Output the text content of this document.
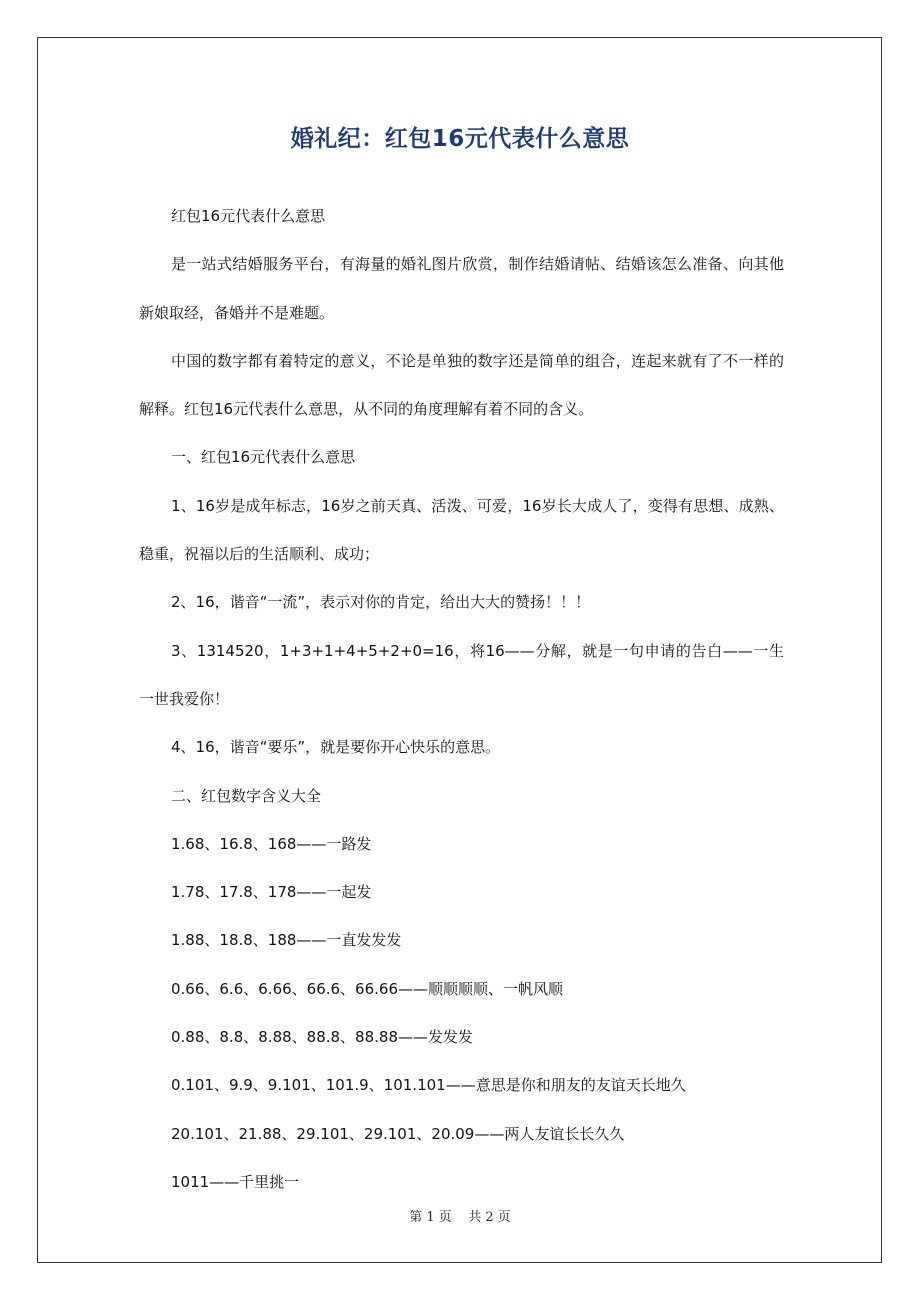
婚礼纪：红包16元代表什么意思

红包16元代表什么意思

是一站式结婚服务平台，有海量的婚礼图片欣赏，制作结婚请帖、结婚该怎么准备、向其他新娘取经，备婚并不是难题。

中国的数字都有着特定的意义，不论是单独的数字还是简单的组合，连起来就有了不一样的解释。红包16元代表什么意思，从不同的角度理解有着不同的含义。

一、红包16元代表什么意思

1、16岁是成年标志，16岁之前天真、活泼、可爱，16岁长大成人了，变得有思想、成熟、稳重，祝福以后的生活顺利、成功；

2、16，谐音“一流”，表示对你的肯定，给出大大的赞扬！！！

3、1314520，1+3+1+4+5+2+0=16，将16——分解，就是一句申请的告白——一生一世我爱你！

4、16，谐音“要乐”，就是要你开心快乐的意思。

二、红包数字含义大全

1.68、16.8、168——一路发

1.78、17.8、178——一起发

1.88、18.8、188——一直发发发

0.66、6.6、6.66、66.6、66.66——顺顺顺顺、一帆风顺

0.88、8.8、8.88、88.8、88.88——发发发

0.101、9.9、9.101、101.9、101.101——意思是你和朋友的友谊天长地久

20.101、21.88、29.101、29.101、20.09——两人友谊长长久久

1011——千里挑一

第 1 页 共 2 页
